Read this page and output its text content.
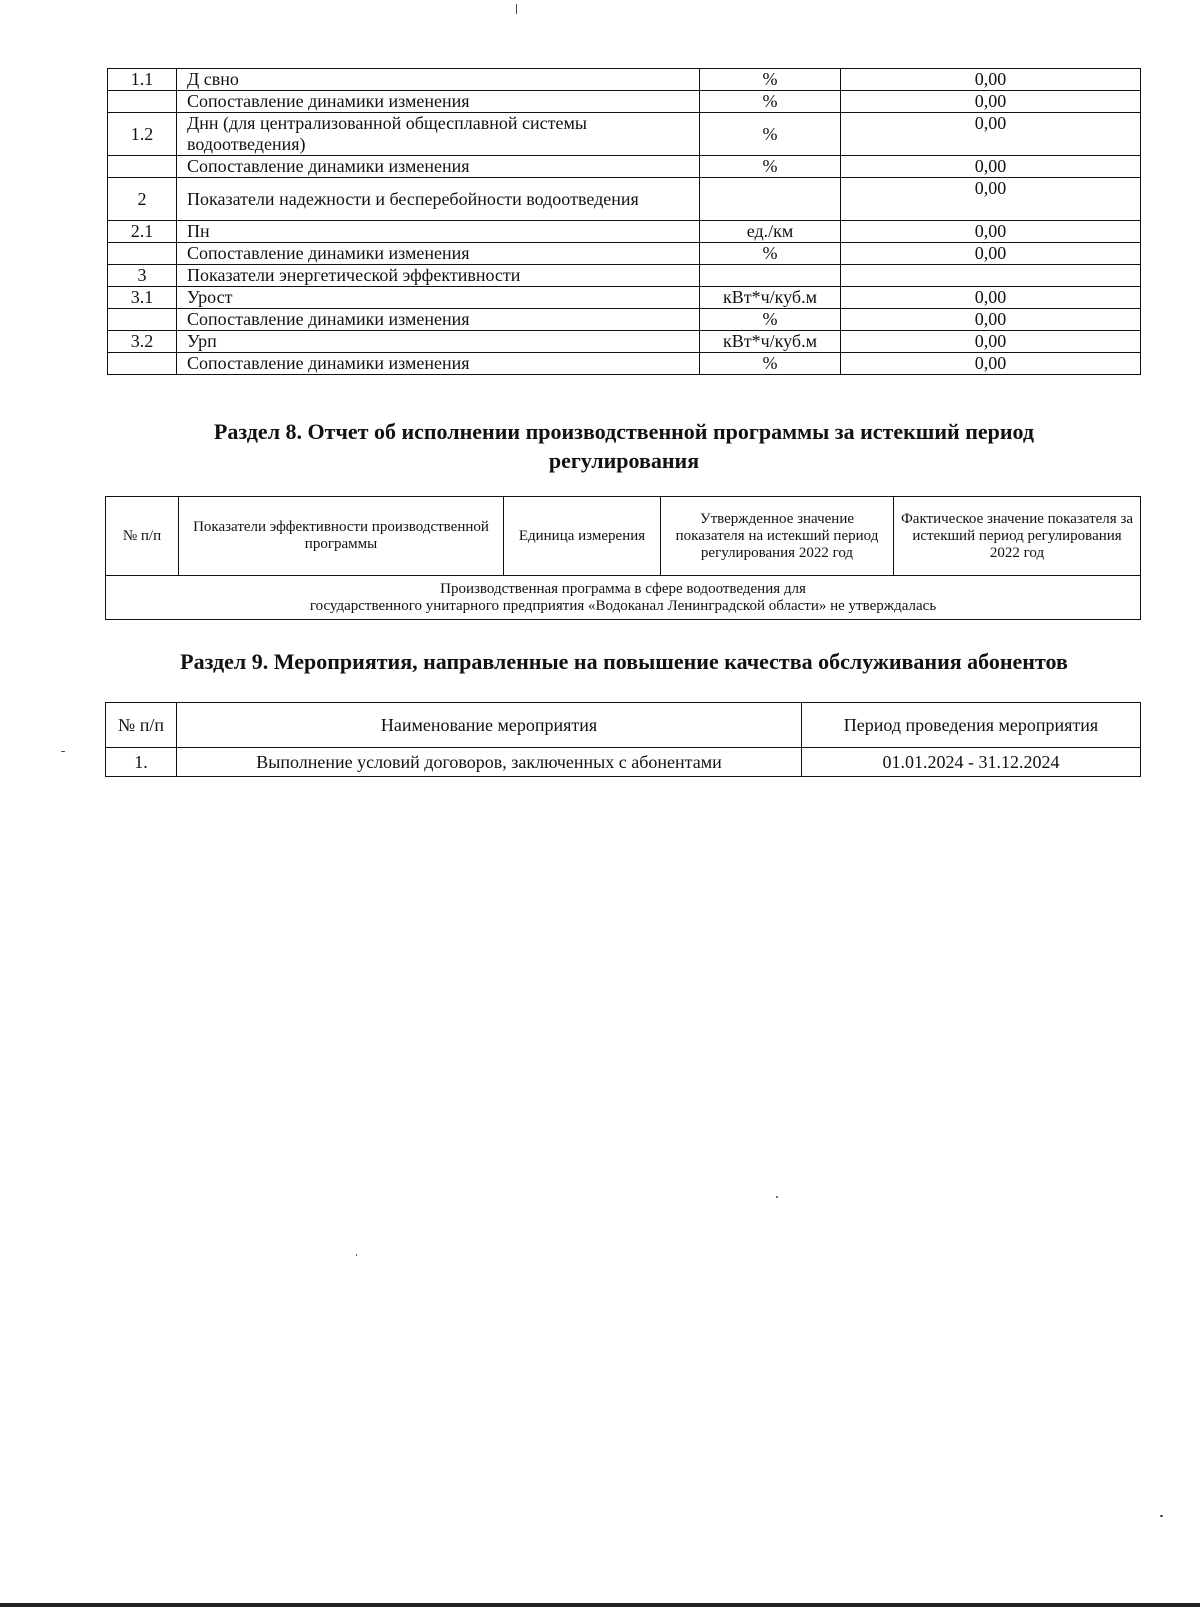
1.1	Д свно	%	0,00
	Сопоставление динамики изменения	%	0,00
1.2	Днн (для централизованной общесплавной системы водоотведения)	%	0,00
	Сопоставление динамики изменения	%	0,00
2	Показатели надежности и бесперебойности водоотведения		0,00
2.1	Пн	ед./км	0,00
	Сопоставление динамики изменения	%	0,00
3	Показатели энергетической эффективности		
3.1	Урост	кВт*ч/куб.м	0,00
	Сопоставление динамики изменения	%	0,00
3.2	Урп	кВт*ч/куб.м	0,00
	Сопоставление динамики изменения	%	0,00
Раздел 8. Отчет об исполнении производственной программы за истекший период
регулирования
№ п/п	Показатели эффективности производственной программы	Единица измерения	Утвержденное значение показателя на истекший период регулирования 2022 год	Фактическое значение показателя за истекший период регулирования 2022 год

Производственная программа в сфере водоотведения для
государственного унитарного предприятия «Водоканал Ленинградской области» не утверждалась
Раздел 9. Мероприятия, направленные на повышение качества обслуживания абонентов
№ п/п	Наименование мероприятия	Период проведения мероприятия
1.	Выполнение условий договоров, заключенных с абонентами	01.01.2024 - 31.12.2024
